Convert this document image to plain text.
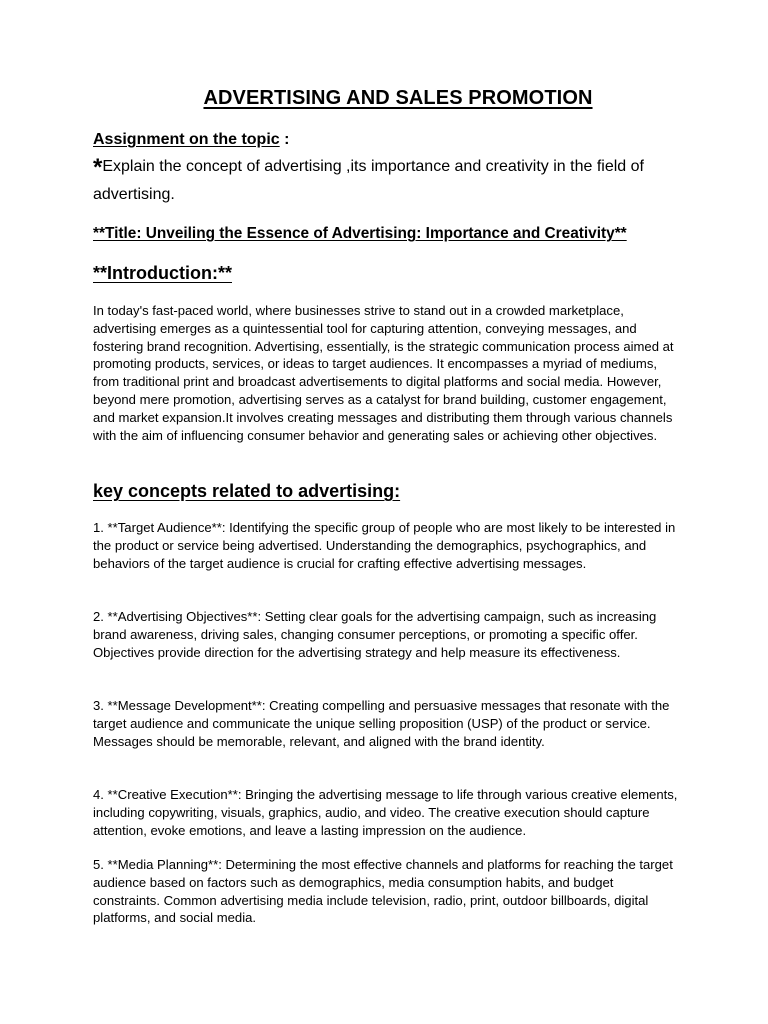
ADVERTISING AND SALES PROMOTION

Assignment on the topic :

*Explain the concept of advertising ,its importance and creativity in the field of advertising.

**Title: Unveiling the Essence of Advertising: Importance and Creativity**

**Introduction:**

In today's fast-paced world, where businesses strive to stand out in a crowded marketplace, advertising emerges as a quintessential tool for capturing attention, conveying messages, and fostering brand recognition. Advertising, essentially, is the strategic communication process aimed at promoting products, services, or ideas to target audiences. It encompasses a myriad of mediums, from traditional print and broadcast advertisements to digital platforms and social media. However, beyond mere promotion, advertising serves as a catalyst for brand building, customer engagement, and market expansion.It involves creating messages and distributing them through various channels with the aim of influencing consumer behavior and generating sales or achieving other objectives.

key concepts related to advertising:

1. **Target Audience**: Identifying the specific group of people who are most likely to be interested in the product or service being advertised. Understanding the demographics, psychographics, and behaviors of the target audience is crucial for crafting effective advertising messages.

2. **Advertising Objectives**: Setting clear goals for the advertising campaign, such as increasing brand awareness, driving sales, changing consumer perceptions, or promoting a specific offer. Objectives provide direction for the advertising strategy and help measure its effectiveness.

3. **Message Development**: Creating compelling and persuasive messages that resonate with the target audience and communicate the unique selling proposition (USP) of the product or service. Messages should be memorable, relevant, and aligned with the brand identity.

4. **Creative Execution**: Bringing the advertising message to life through various creative elements, including copywriting, visuals, graphics, audio, and video. The creative execution should capture attention, evoke emotions, and leave a lasting impression on the audience.

5. **Media Planning**: Determining the most effective channels and platforms for reaching the target audience based on factors such as demographics, media consumption habits, and budget constraints. Common advertising media include television, radio, print, outdoor billboards, digital platforms, and social media.
